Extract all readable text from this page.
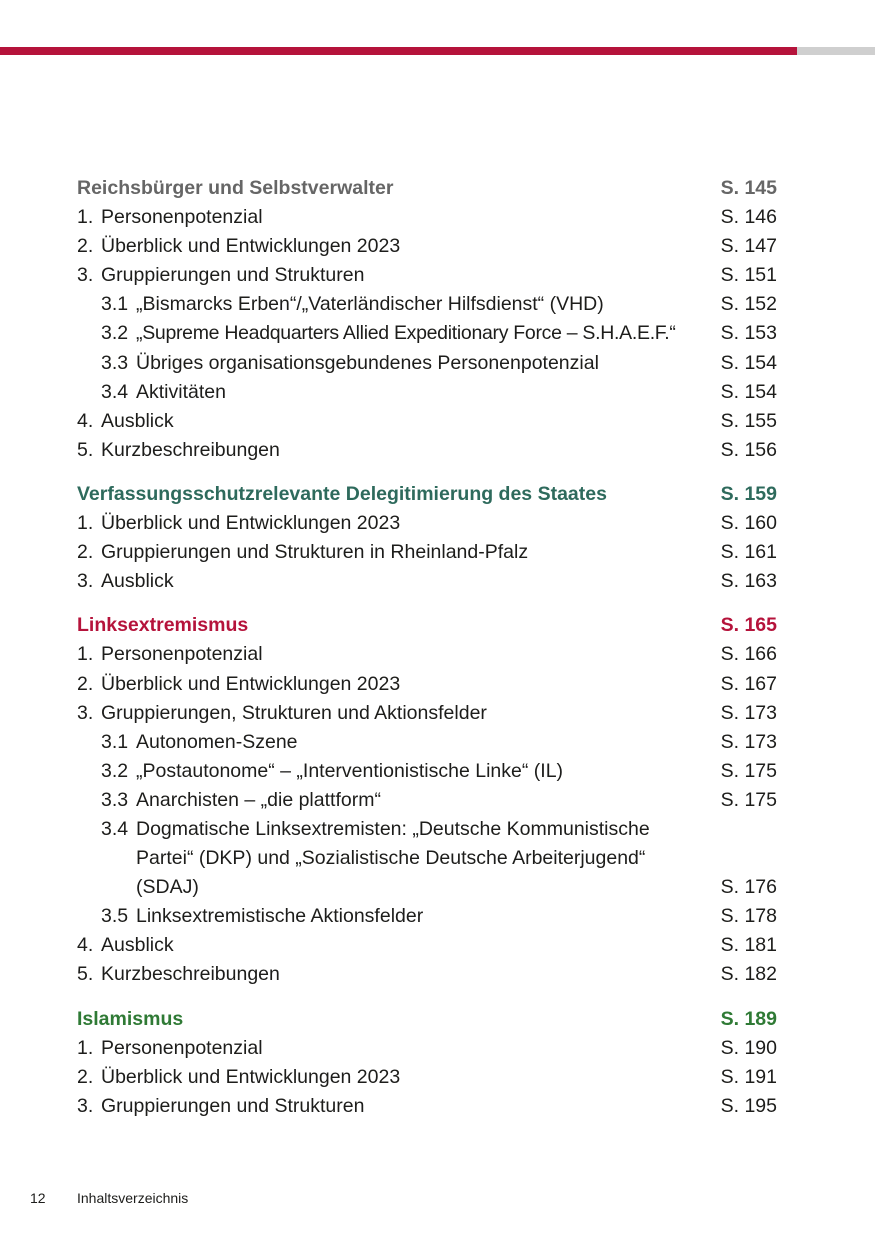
Reichsbürger und Selbstverwalter	S. 145
1. Personenpotenzial	S. 146
2. Überblick und Entwicklungen 2023	S. 147
3. Gruppierungen und Strukturen	S. 151
3.1 „Bismarcks Erben“/„Vaterländischer Hilfsdienst“ (VHD)	S. 152
3.2 „Supreme Headquarters Allied Expeditionary Force – S.H.A.E.F.“	S. 153
3.3 Übriges organisationsgebundenes Personenpotenzial	S. 154
3.4 Aktivitäten	S. 154
4. Ausblick	S. 155
5. Kurzbeschreibungen	S. 156
Verfassungsschutzrelevante Delegitimierung des Staates	S. 159
1. Überblick und Entwicklungen 2023	S. 160
2. Gruppierungen und Strukturen in Rheinland-Pfalz	S. 161
3. Ausblick	S. 163
Linksextremismus	S. 165
1. Personenpotenzial	S. 166
2. Überblick und Entwicklungen 2023	S. 167
3. Gruppierungen, Strukturen und Aktionsfelder	S. 173
3.1 Autonomen-Szene	S. 173
3.2 „Postautonome“ – „Interventionistische Linke“ (IL)	S. 175
3.3 Anarchisten – „die plattform“	S. 175
3.4 Dogmatische Linksextremisten: „Deutsche Kommunistische Partei“ (DKP) und „Sozialistische Deutsche Arbeiterjugend“ (SDAJ)	S. 176
3.5 Linksextremistische Aktionsfelder	S. 178
4. Ausblick	S. 181
5. Kurzbeschreibungen	S. 182
Islamismus	S. 189
1. Personenpotenzial	S. 190
2. Überblick und Entwicklungen 2023	S. 191
3. Gruppierungen und Strukturen	S. 195
12 Inhaltsverzeichnis
